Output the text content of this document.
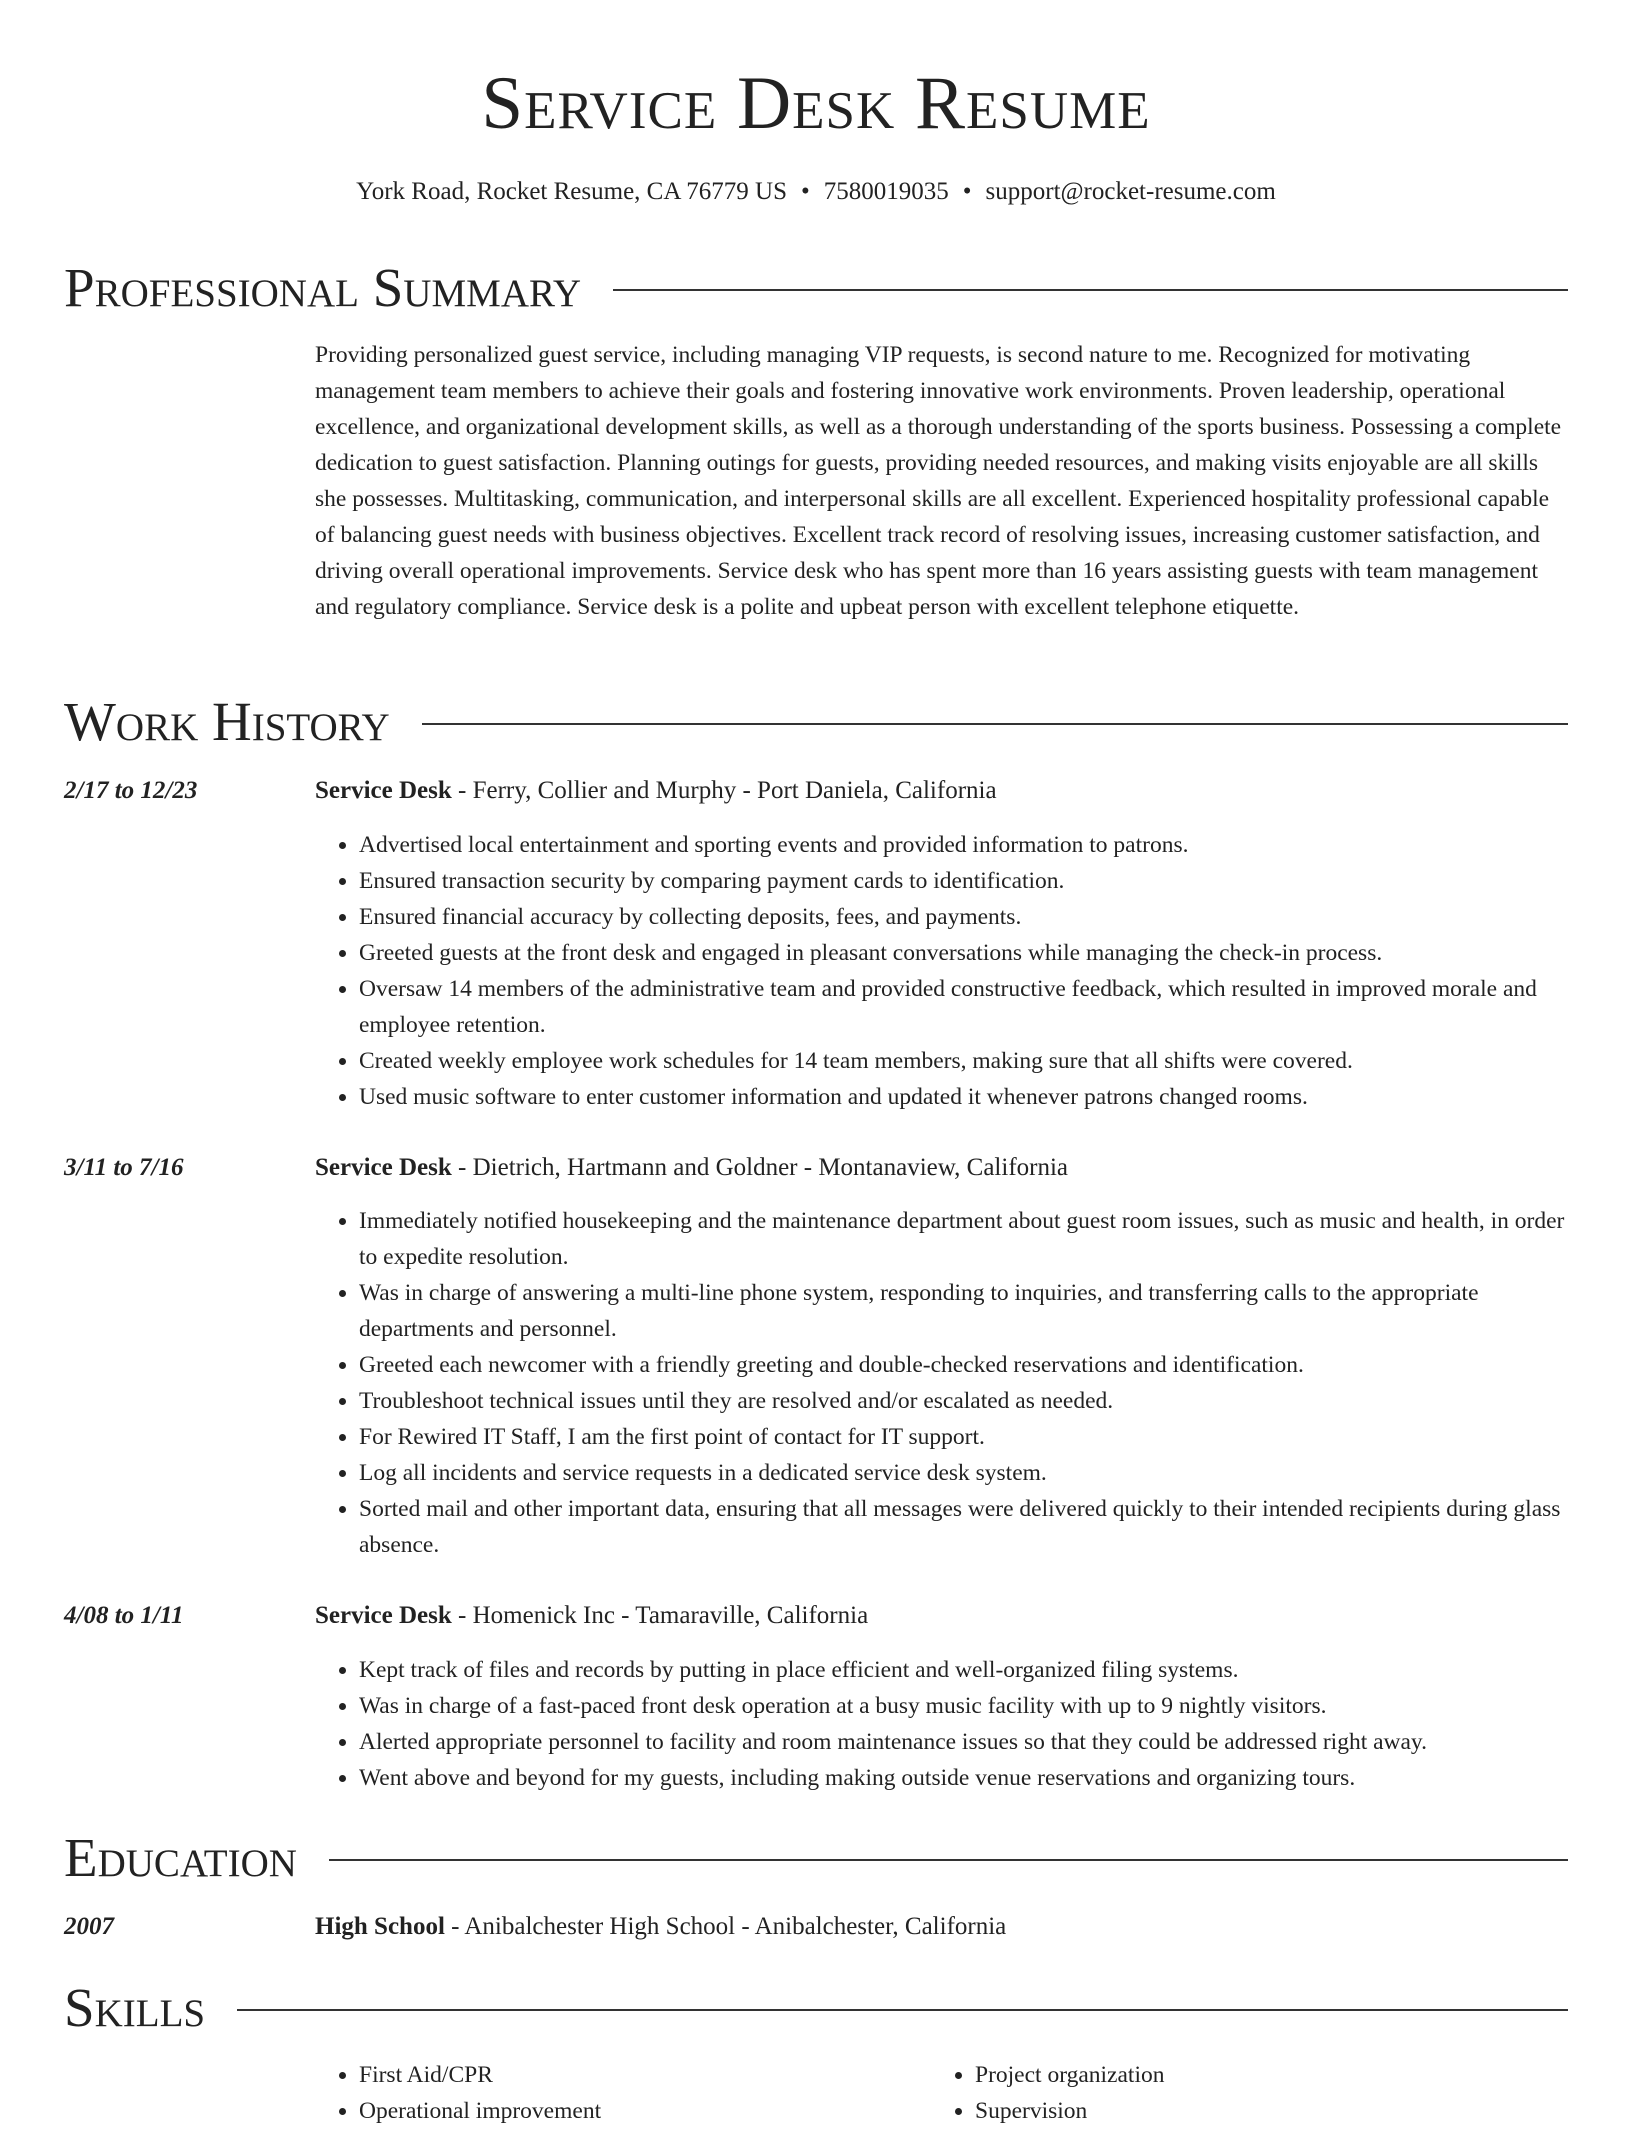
Service Desk Resume
York Road, Rocket Resume, CA 76779 US • 7580019035 • support@rocket-resume.com
Professional Summary
Providing personalized guest service, including managing VIP requests, is second nature to me. Recognized for motivating management team members to achieve their goals and fostering innovative work environments. Proven leadership, operational excellence, and organizational development skills, as well as a thorough understanding of the sports business. Possessing a complete dedication to guest satisfaction. Planning outings for guests, providing needed resources, and making visits enjoyable are all skills she possesses. Multitasking, communication, and interpersonal skills are all excellent. Experienced hospitality professional capable of balancing guest needs with business objectives. Excellent track record of resolving issues, increasing customer satisfaction, and driving overall operational improvements. Service desk who has spent more than 16 years assisting guests with team management and regulatory compliance. Service desk is a polite and upbeat person with excellent telephone etiquette.
Work History
2/17 to 12/23	Service Desk - Ferry, Collier and Murphy - Port Daniela, California
• Advertised local entertainment and sporting events and provided information to patrons.
• Ensured transaction security by comparing payment cards to identification.
• Ensured financial accuracy by collecting deposits, fees, and payments.
• Greeted guests at the front desk and engaged in pleasant conversations while managing the check-in process.
• Oversaw 14 members of the administrative team and provided constructive feedback, which resulted in improved morale and employee retention.
• Created weekly employee work schedules for 14 team members, making sure that all shifts were covered.
• Used music software to enter customer information and updated it whenever patrons changed rooms.
3/11 to 7/16	Service Desk - Dietrich, Hartmann and Goldner - Montanaview, California
• Immediately notified housekeeping and the maintenance department about guest room issues, such as music and health, in order to expedite resolution.
• Was in charge of answering a multi-line phone system, responding to inquiries, and transferring calls to the appropriate departments and personnel.
• Greeted each newcomer with a friendly greeting and double-checked reservations and identification.
• Troubleshoot technical issues until they are resolved and/or escalated as needed.
• For Rewired IT Staff, I am the first point of contact for IT support.
• Log all incidents and service requests in a dedicated service desk system.
• Sorted mail and other important data, ensuring that all messages were delivered quickly to their intended recipients during glass absence.
4/08 to 1/11	Service Desk - Homenick Inc - Tamaraville, California
• Kept track of files and records by putting in place efficient and well-organized filing systems.
• Was in charge of a fast-paced front desk operation at a busy music facility with up to 9 nightly visitors.
• Alerted appropriate personnel to facility and room maintenance issues so that they could be addressed right away.
• Went above and beyond for my guests, including making outside venue reservations and organizing tours.
Education
2007	High School - Anibalchester High School - Anibalchester, California
Skills
• First Aid/CPR
• Operational improvement
• Project organization
• Supervision
